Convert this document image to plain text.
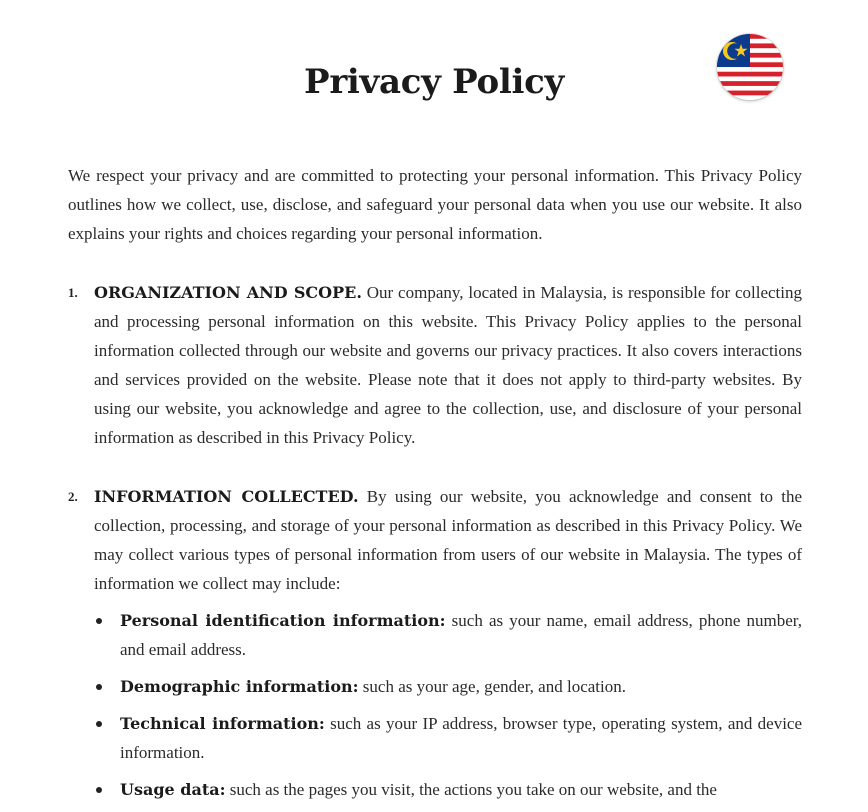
Privacy Policy

We respect your privacy and are committed to protecting your personal information. This Privacy Policy outlines how we collect, use, disclose, and safeguard your personal data when you use our website. It also explains your rights and choices regarding your personal information.

1. ORGANIZATION AND SCOPE. Our company, located in Malaysia, is responsible for collecting and processing personal information on this website. This Privacy Policy applies to the personal information collected through our website and governs our privacy practices. It also covers interactions and services provided on the website. Please note that it does not apply to third-party websites. By using our website, you acknowledge and agree to the collection, use, and disclosure of your personal information as described in this Privacy Policy.

2. INFORMATION COLLECTED. By using our website, you acknowledge and consent to the collection, processing, and storage of your personal information as described in this Privacy Policy. We may collect various types of personal information from users of our website in Malaysia. The types of information we collect may include:

Personal identification information: such as your name, email address, phone number, and email address.
Demographic information: such as your age, gender, and location.
Technical information: such as your IP address, browser type, operating system, and device information.
Usage data: such as the pages you visit, the actions you take on our website, and the
